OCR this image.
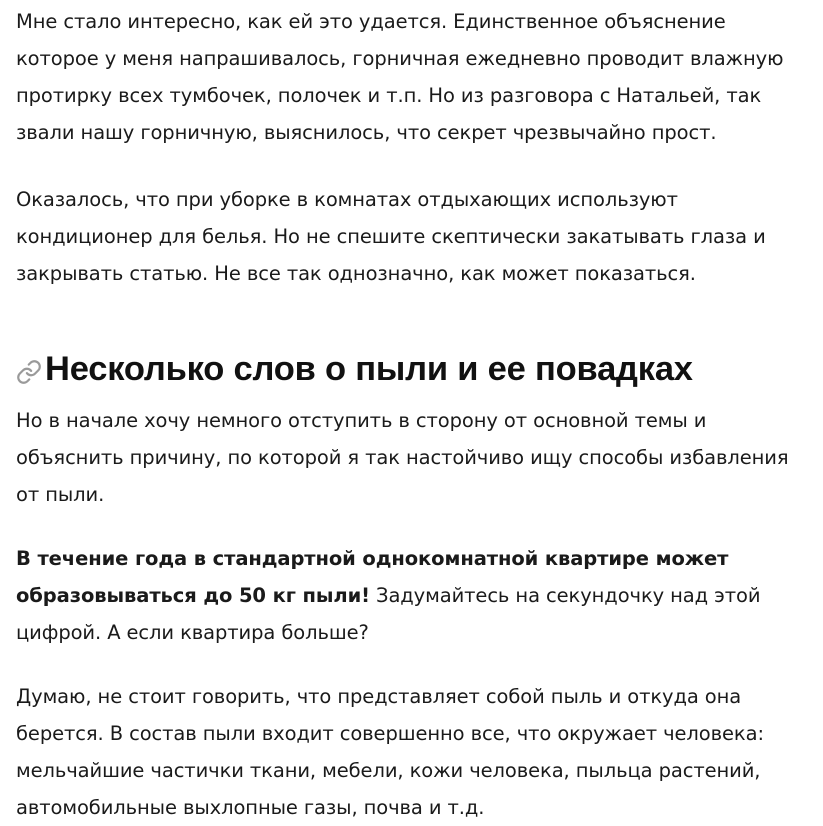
Мне стало интересно, как ей это удается. Единственное объяснение
которое у меня напрашивалось, горничная ежедневно проводит влажную
протирку всех тумбочек, полочек и т.п. Но из разговора с Натальей, так
звали нашу горничную, выяснилось, что секрет чрезвычайно прост.

Оказалось, что при уборке в комнатах отдыхающих используют
кондиционер для белья. Но не спешите скептически закатывать глаза и
закрывать статью. Не все так однозначно, как может показаться.

Несколько слов о пыли и ее повадках

Но в начале хочу немного отступить в сторону от основной темы и
объяснить причину, по которой я так настойчиво ищу способы избавления
от пыли.

В течение года в стандартной однокомнатной квартире может
образовываться до 50 кг пыли! Задумайтесь на секундочку над этой
цифрой. А если квартира больше?

Думаю, не стоит говорить, что представляет собой пыль и откуда она
берется. В состав пыли входит совершенно все, что окружает человека:
мельчайшие частички ткани, мебели, кожи человека, пыльца растений,
автомобильные выхлопные газы, почва и т.д.
